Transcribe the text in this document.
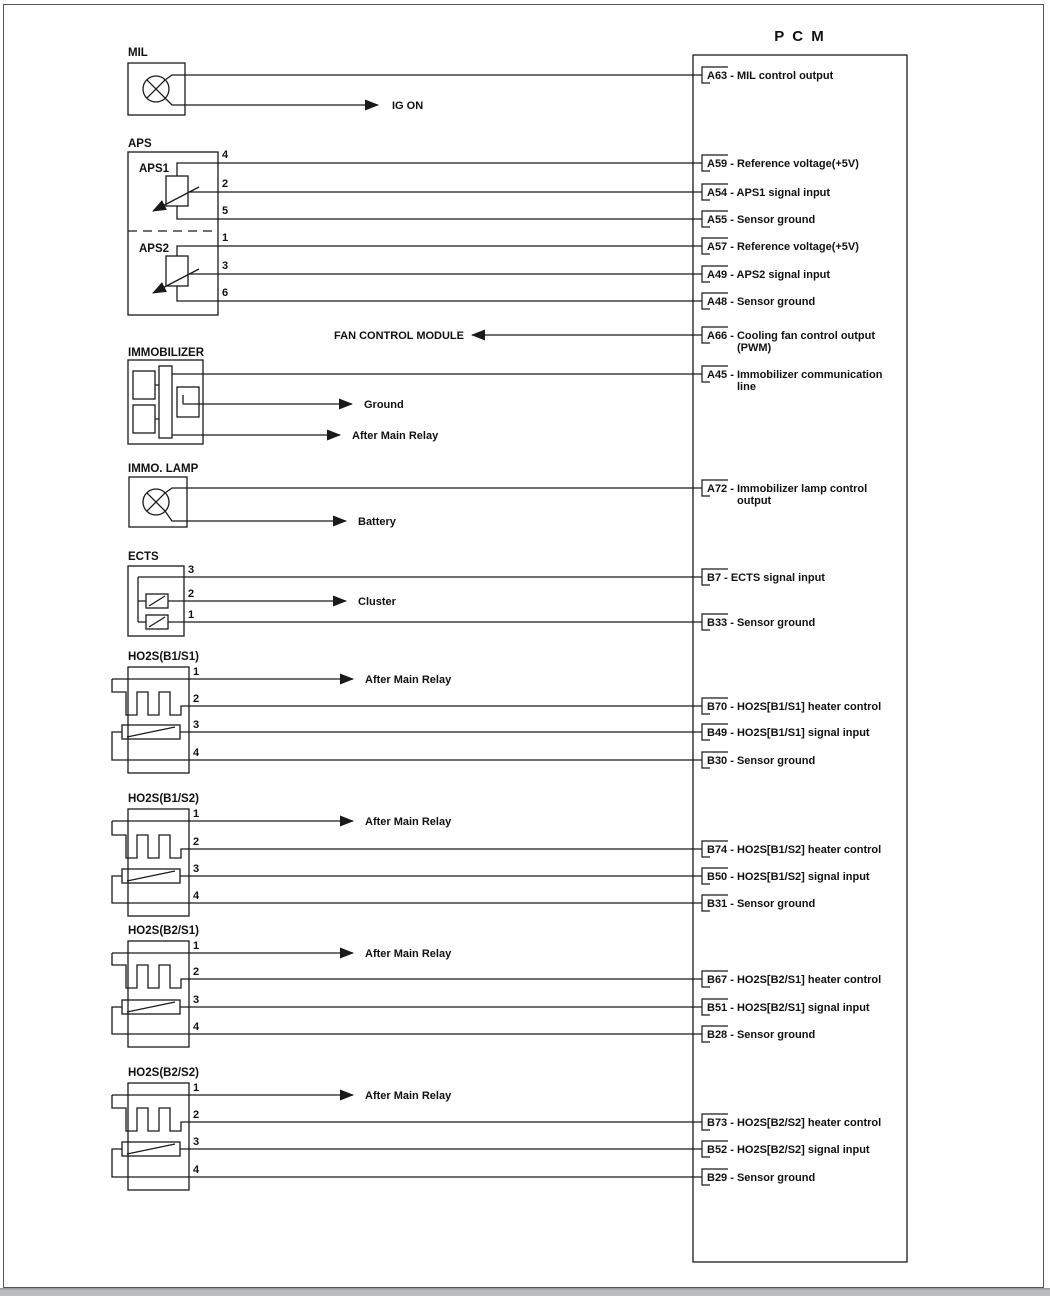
P C M
A63 - MIL control output
A59 - Reference voltage(+5V)
A54 - APS1 signal input
A55 - Sensor ground
A57 - Reference voltage(+5V)
A49 - APS2 signal input
A48 - Sensor ground
A66 - Cooling fan control output
(PWM)
A45 - Immobilizer communication
line
A72 - Immobilizer lamp control
output
B7 - ECTS signal input
B33 - Sensor ground
B70 - HO2S[B1/S1] heater control
B49 - HO2S[B1/S1] signal input
B30 - Sensor ground
B74 - HO2S[B1/S2] heater control
B50 - HO2S[B1/S2] signal input
B31 - Sensor ground
B67 - HO2S[B2/S1] heater control
B51 - HO2S[B2/S1] signal input
B28 - Sensor ground
B73 - HO2S[B2/S2] heater control
B52 - HO2S[B2/S2] signal input
B29 - Sensor ground
MIL
IG ON
APS
APS1
APS2
4
2
5
1
3
6
FAN CONTROL MODULE
IMMOBILIZER
Ground
After Main Relay
IMMO. LAMP
Battery
ECTS
Cluster
3
2
1
HO2S(B1/S1)
After Main Relay
1
2
3
4
HO2S(B1/S2)
After Main Relay
1
2
3
4
HO2S(B2/S1)
After Main Relay
1
2
3
4
HO2S(B2/S2)
After Main Relay
1
2
3
4
